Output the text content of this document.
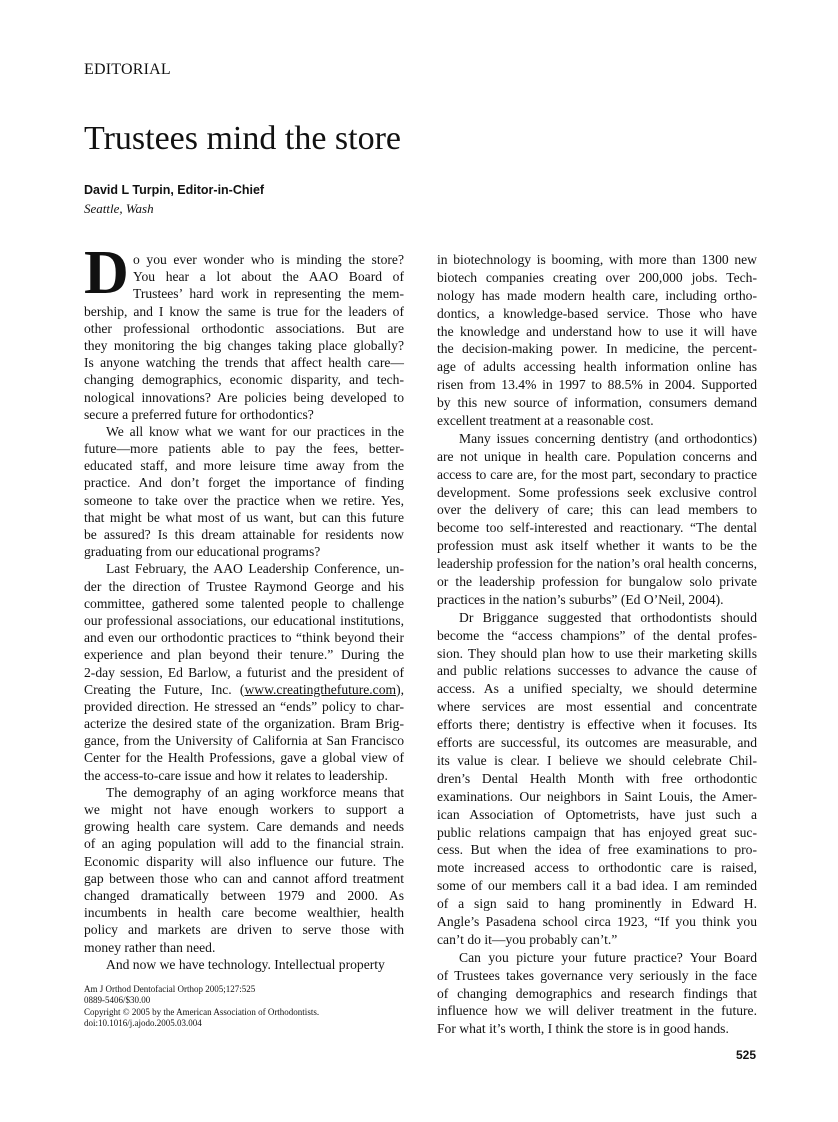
EDITORIAL
Trustees mind the store
David L Turpin, Editor-in-Chief
Seattle, Wash
D o you ever wonder who is minding the store?
You hear a lot about the AAO Board of
Trustees’ hard work in representing the mem-
bership, and I know the same is true for the leaders of
other professional orthodontic associations. But are
they monitoring the big changes taking place globally?
Is anyone watching the trends that affect health care—
changing demographics, economic disparity, and tech-
nological innovations? Are policies being developed to
secure a preferred future for orthodontics?
We all know what we want for our practices in the
future—more patients able to pay the fees, better-
educated staff, and more leisure time away from the
practice. And don’t forget the importance of finding
someone to take over the practice when we retire. Yes,
that might be what most of us want, but can this future
be assured? Is this dream attainable for residents now
graduating from our educational programs?
Last February, the AAO Leadership Conference, un-
der the direction of Trustee Raymond George and his
committee, gathered some talented people to challenge
our professional associations, our educational institutions,
and even our orthodontic practices to “think beyond their
experience and plan beyond their tenure.” During the
2-day session, Ed Barlow, a futurist and the president of
Creating the Future, Inc. (www.creatingthefuture.com),
provided direction. He stressed an “ends” policy to char-
acterize the desired state of the organization. Bram Brig-
gance, from the University of California at San Francisco
Center for the Health Professions, gave a global view of
the access-to-care issue and how it relates to leadership.
The demography of an aging workforce means that
we might not have enough workers to support a
growing health care system. Care demands and needs
of an aging population will add to the financial strain.
Economic disparity will also influence our future. The
gap between those who can and cannot afford treatment
changed dramatically between 1979 and 2000. As
incumbents in health care become wealthier, health
policy and markets are driven to serve those with
money rather than need.
And now we have technology. Intellectual property
in biotechnology is booming, with more than 1300 new
biotech companies creating over 200,000 jobs. Tech-
nology has made modern health care, including ortho-
dontics, a knowledge-based service. Those who have
the knowledge and understand how to use it will have
the decision-making power. In medicine, the percent-
age of adults accessing health information online has
risen from 13.4% in 1997 to 88.5% in 2004. Supported
by this new source of information, consumers demand
excellent treatment at a reasonable cost.
Many issues concerning dentistry (and orthodontics)
are not unique in health care. Population concerns and
access to care are, for the most part, secondary to practice
development. Some professions seek exclusive control
over the delivery of care; this can lead members to
become too self-interested and reactionary. “The dental
profession must ask itself whether it wants to be the
leadership profession for the nation’s oral health concerns,
or the leadership profession for bungalow solo private
practices in the nation’s suburbs” (Ed O’Neil, 2004).
Dr Briggance suggested that orthodontists should
become the “access champions” of the dental profes-
sion. They should plan how to use their marketing skills
and public relations successes to advance the cause of
access. As a unified specialty, we should determine
where services are most essential and concentrate
efforts there; dentistry is effective when it focuses. Its
efforts are successful, its outcomes are measurable, and
its value is clear. I believe we should celebrate Chil-
dren’s Dental Health Month with free orthodontic
examinations. Our neighbors in Saint Louis, the Amer-
ican Association of Optometrists, have just such a
public relations campaign that has enjoyed great suc-
cess. But when the idea of free examinations to pro-
mote increased access to orthodontic care is raised,
some of our members call it a bad idea. I am reminded
of a sign said to hang prominently in Edward H.
Angle’s Pasadena school circa 1923, “If you think you
can’t do it—you probably can’t.”
Can you picture your future practice? Your Board
of Trustees takes governance very seriously in the face
of changing demographics and research findings that
influence how we will deliver treatment in the future.
For what it’s worth, I think the store is in good hands.
Am J Orthod Dentofacial Orthop 2005;127:525
0889-5406/$30.00
Copyright © 2005 by the American Association of Orthodontists.
doi:10.1016/j.ajodo.2005.03.004
525
